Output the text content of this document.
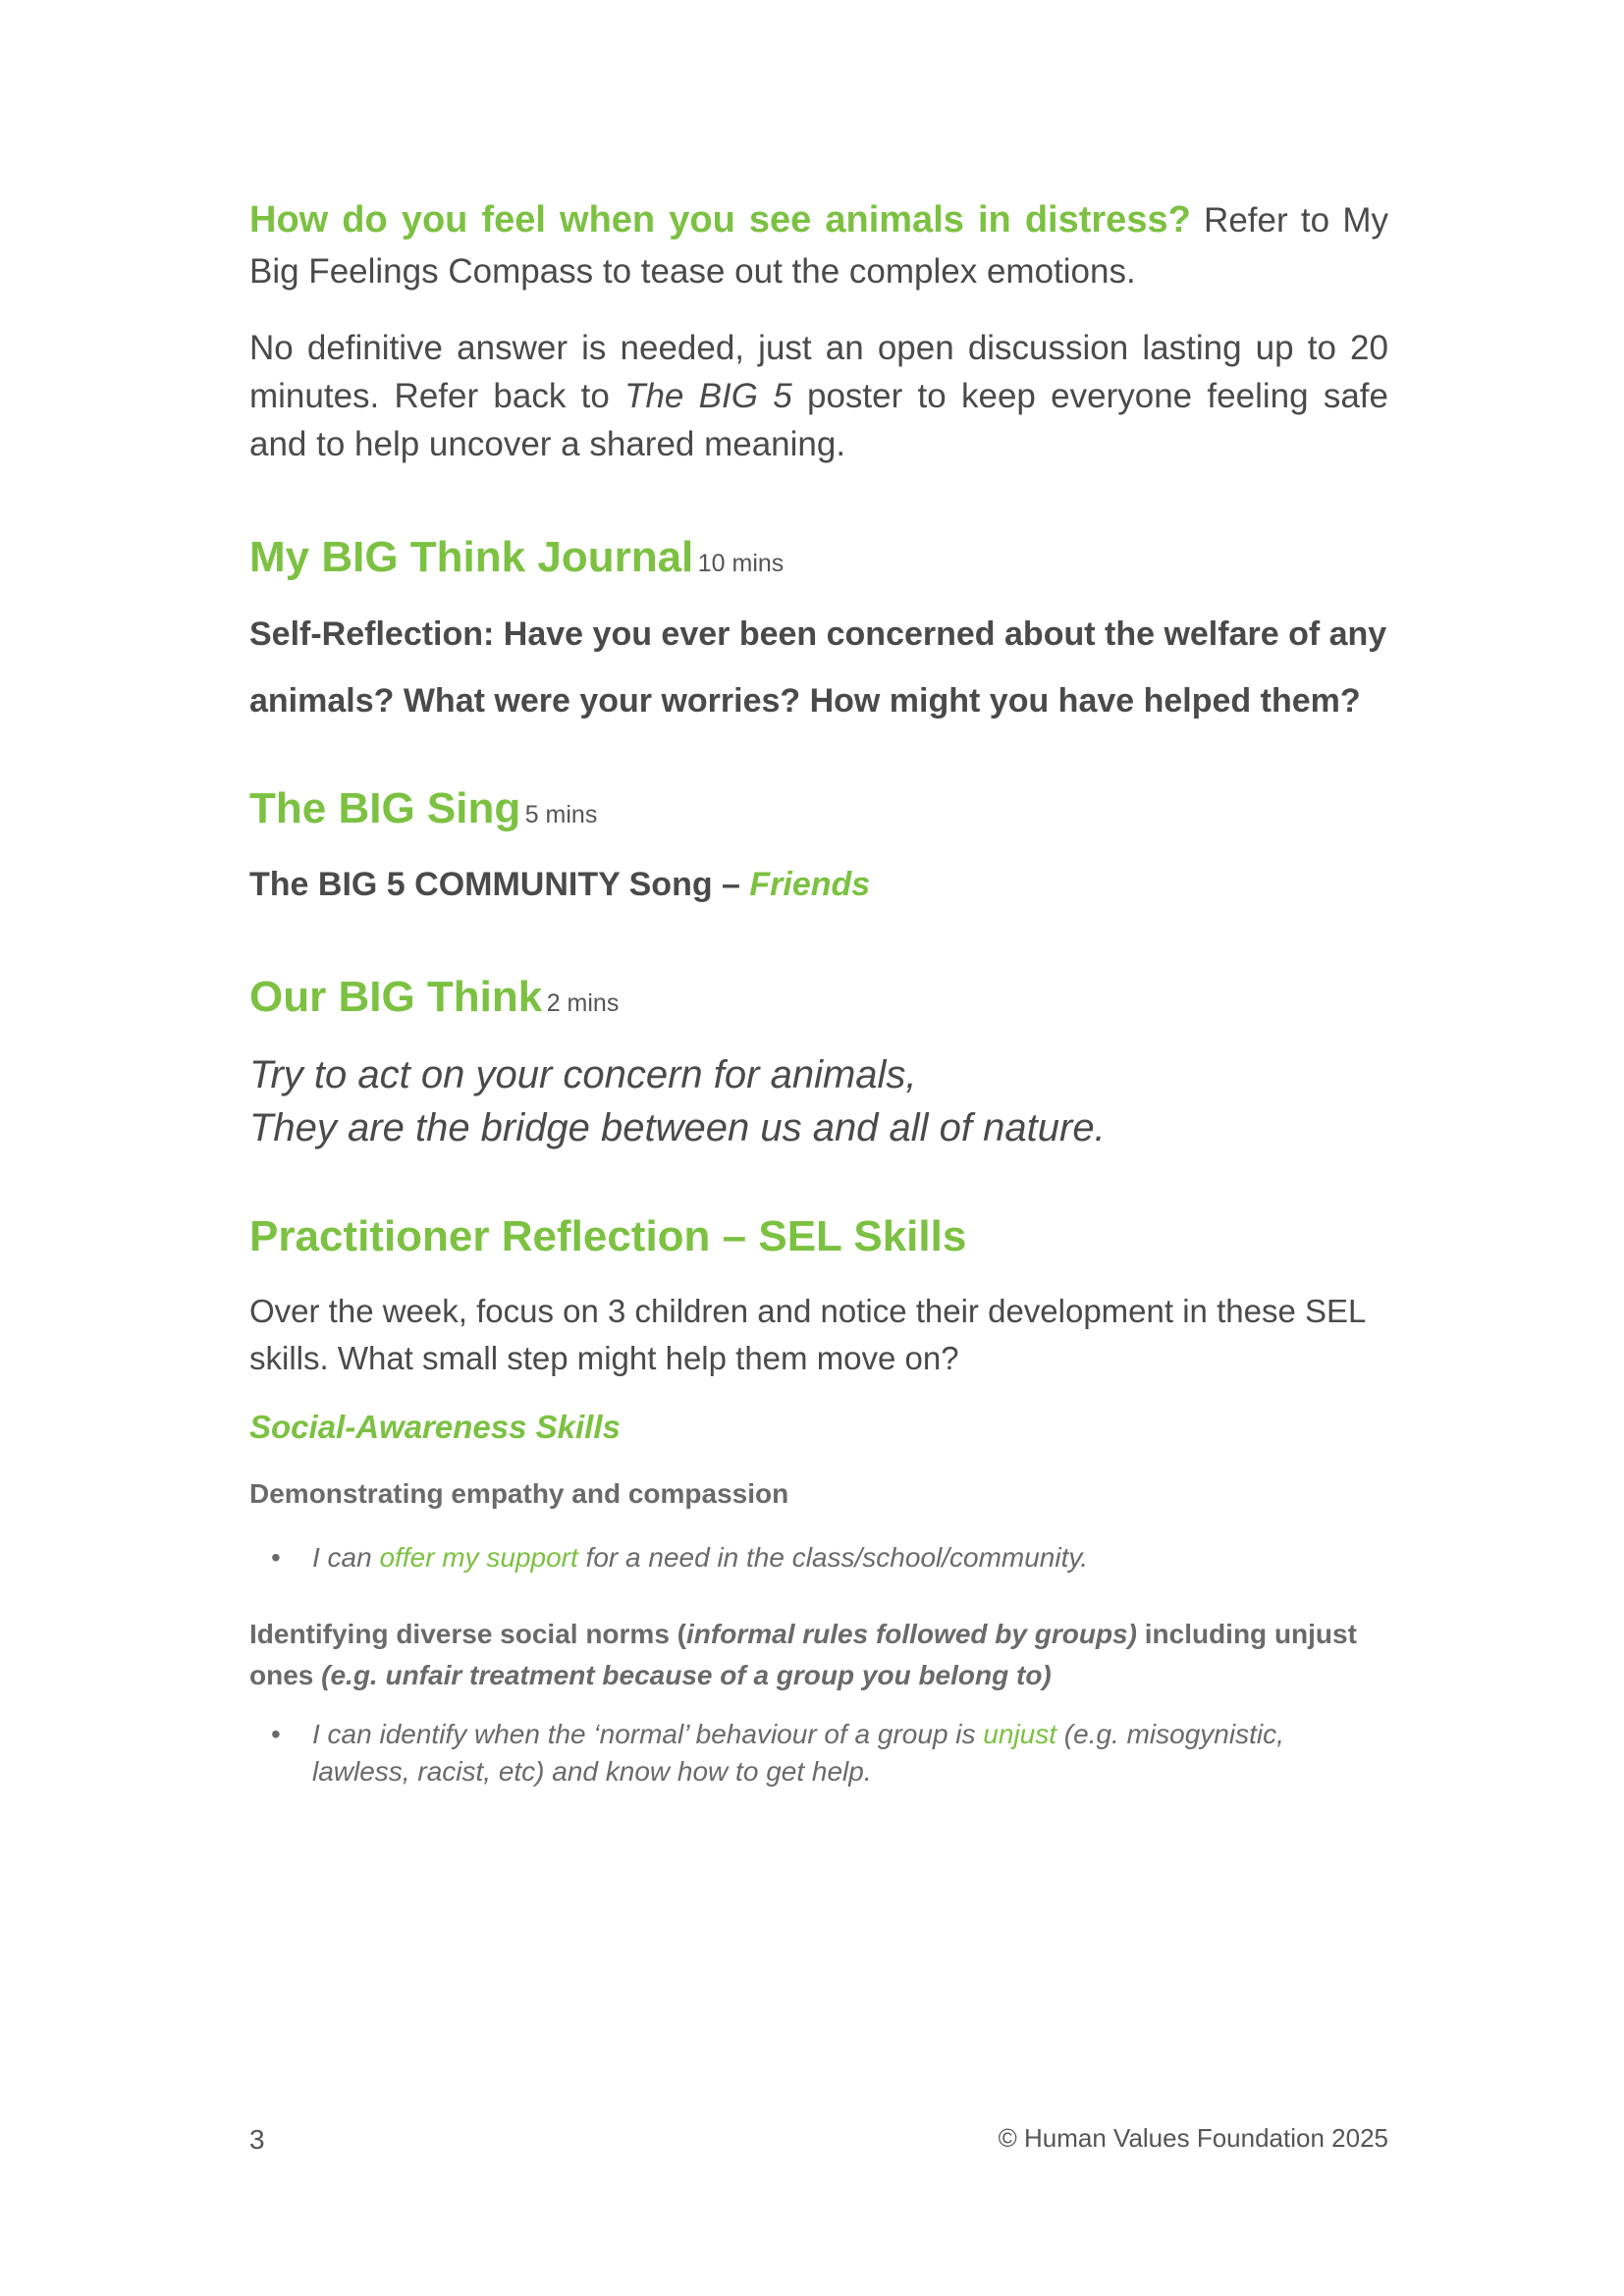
How do you feel when you see animals in distress? Refer to My Big Feelings Compass to tease out the complex emotions.

No definitive answer is needed, just an open discussion lasting up to 20 minutes. Refer back to The BIG 5 poster to keep everyone feeling safe and to help uncover a shared meaning.

My BIG Think Journal 10 mins

Self-Reflection: Have you ever been concerned about the welfare of any animals? What were your worries? How might you have helped them?

The BIG Sing 5 mins

The BIG 5 COMMUNITY Song – Friends

Our BIG Think 2 mins
Try to act on your concern for animals,
They are the bridge between us and all of nature.
Practitioner Reflection – SEL Skills

Over the week, focus on 3 children and notice their development in these SEL skills. What small step might help them move on?

Social-Awareness Skills
Demonstrating empathy and compassion
• I can offer my support for a need in the class/school/community.
Identifying diverse social norms (informal rules followed by groups) including unjust ones (e.g. unfair treatment because of a group you belong to)
• I can identify when the ‘normal’ behaviour of a group is unjust (e.g. misogynistic, lawless, racist, etc) and know how to get help.
3	© Human Values Foundation 2025
